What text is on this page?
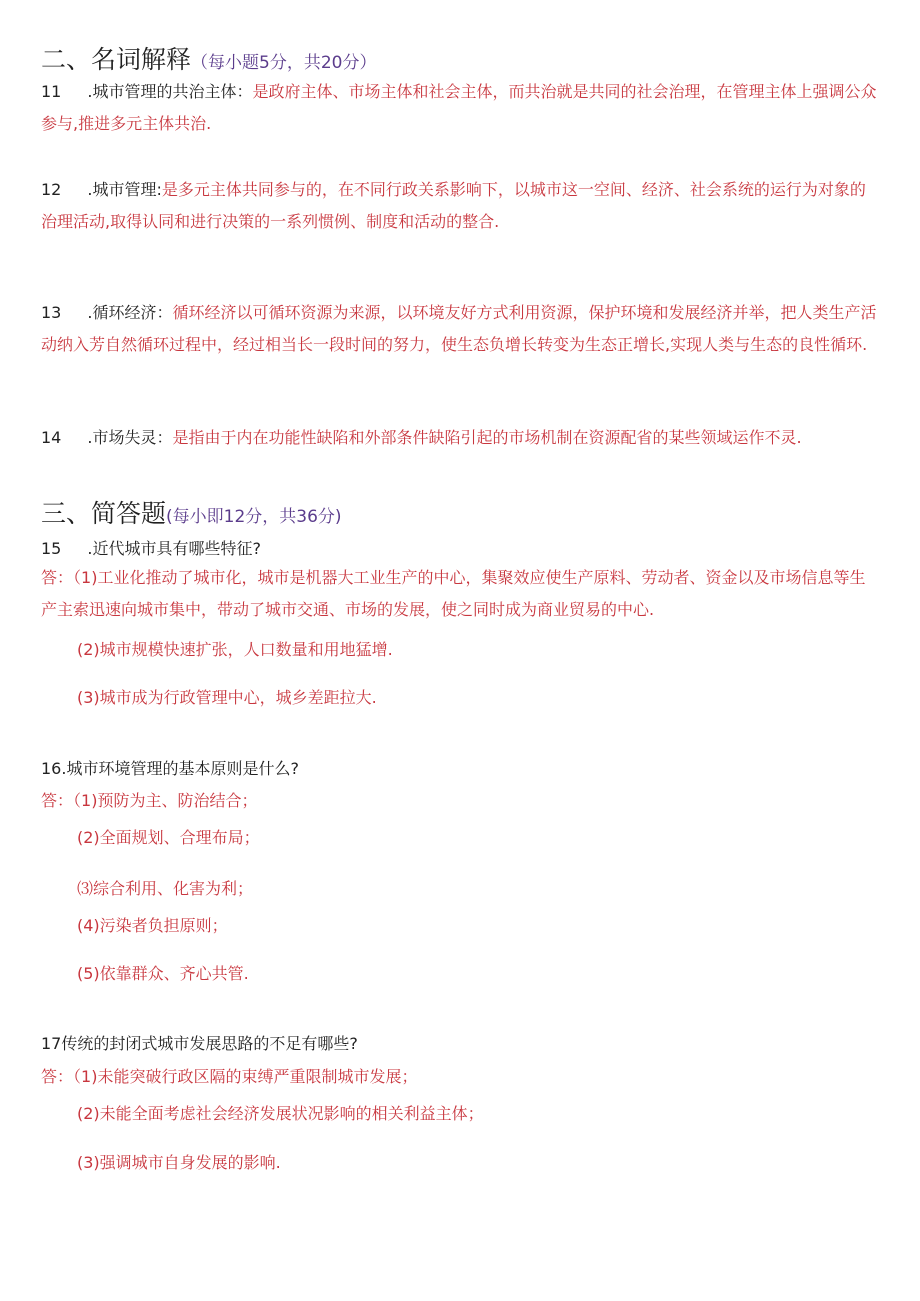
二、名词解释（每小题5分，共20分）
11 .城市管理的共治主体：是政府主体、市场主体和社会主体，而共治就是共同的社会治理，在管理主体上强调公众参与,推进多元主体共治.
12 .城市管理:是多元主体共同参与的，在不同行政关系影响下，以城市这一空间、经济、社会系统的运行为对象的治理活动,取得认同和进行决策的一系列惯例、制度和活动的整合.
13 .循环经济：循环经济以可循环资源为来源，以环境友好方式利用资源，保护环境和发展经济并举，把人类生产活动纳入芳自然循环过程中，经过相当长一段时间的努力，使生态负增长转变为生态正增长,实现人类与生态的良性循环.
14 .市场失灵：是指由于内在功能性缺陷和外部条件缺陷引起的市场机制在资源配省的某些领域运作不灵.
三、简答题(每小即12分，共36分)
15 .近代城市具有哪些特征?
答：（1)工业化推动了城市化，城市是机器大工业生产的中心，集聚效应使生产原料、劳动者、资金以及市场信息等生产主索迅速向城市集中，带动了城市交通、市场的发展，使之同时成为商业贸易的中心.
(2)城市规模快速扩张，人口数量和用地猛增.
(3)城市成为行政管理中心，城乡差距拉大.
16.城市环境管理的基本原则是什么?
答：（1)预防为主、防治结合；
(2)全面规划、合理布局；
⑶综合利用、化害为利；
(4)污染者负担原则；
(5)依靠群众、齐心共管.
17传统的封闭式城市发展思路的不足有哪些?
答：（1)未能突破行政区隔的束缚严重限制城市发展；
(2)未能全面考虑社会经济发展状况影响的相关利益主体；
(3)强调城市自身发展的影响.
